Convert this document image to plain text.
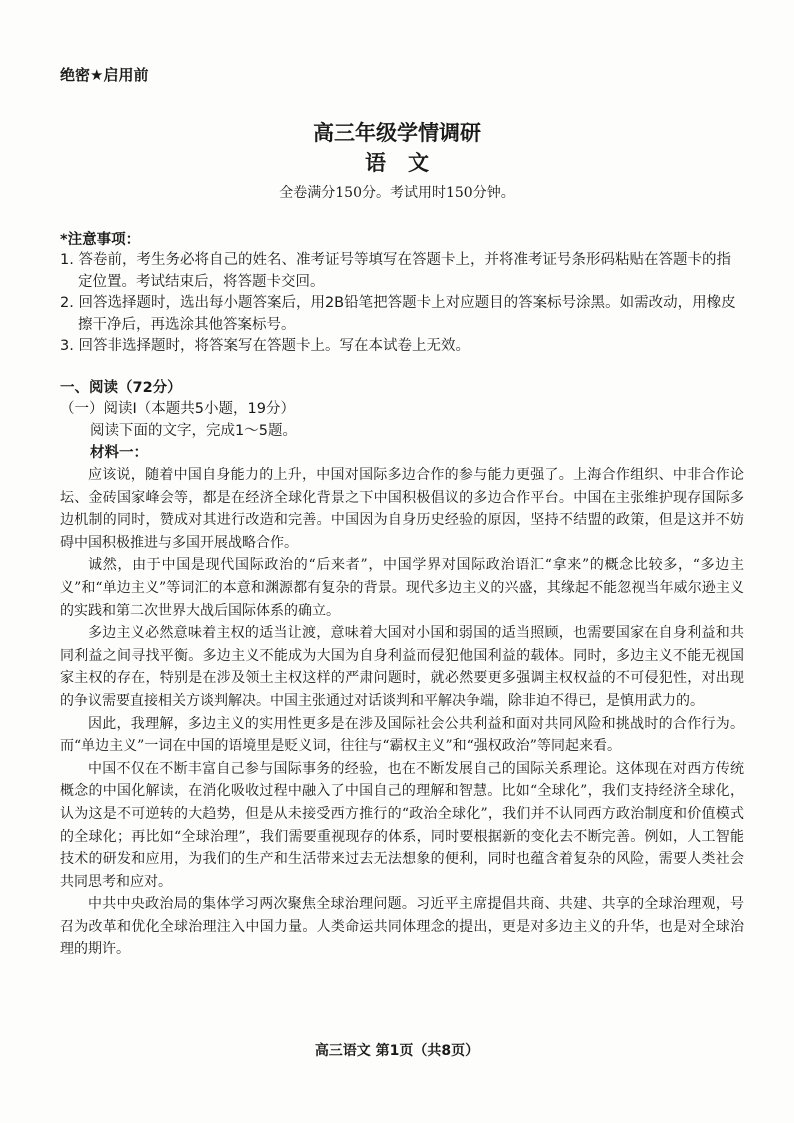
绝密★启用前
高三年级学情调研
语文
全卷满分150分。考试用时150分钟。
*注意事项：

1. 答卷前，考生务必将自己的姓名、准考证号等填写在答题卡上，并将准考证号条形码粘贴在答题卡的指定位置。考试结束后，将答题卡交回。

2. 回答选择题时，选出每小题答案后，用2B铅笔把答题卡上对应题目的答案标号涂黑。如需改动，用橡皮擦干净后，再选涂其他答案标号。

3. 回答非选择题时，将答案写在答题卡上。写在本试卷上无效。

一、阅读（72分）
（一）阅读Ⅰ（本题共5小题，19分）
阅读下面的文字，完成1～5题。
材料一：

应该说，随着中国自身能力的上升，中国对国际多边合作的参与能力更强了。上海合作组织、中非合作论坛、金砖国家峰会等，都是在经济全球化背景之下中国积极倡议的多边合作平台。中国在主张维护现存国际多边机制的同时，赞成对其进行改造和完善。中国因为自身历史经验的原因，坚持不结盟的政策，但是这并不妨碍中国积极推进与多国开展战略合作。

诚然，由于中国是现代国际政治的“后来者”，中国学界对国际政治语汇“拿来”的概念比较多，“多边主义”和“单边主义”等词汇的本意和渊源都有复杂的背景。现代多边主义的兴盛，其缘起不能忽视当年威尔逊主义的实践和第二次世界大战后国际体系的确立。

多边主义必然意味着主权的适当让渡，意味着大国对小国和弱国的适当照顾，也需要国家在自身利益和共同利益之间寻找平衡。多边主义不能成为大国为自身利益而侵犯他国利益的载体。同时，多边主义不能无视国家主权的存在，特别是在涉及领土主权这样的严肃问题时，就必然要更多强调主权权益的不可侵犯性，对出现的争议需要直接相关方谈判解决。中国主张通过对话谈判和平解决争端，除非迫不得已，是慎用武力的。

因此，我理解，多边主义的实用性更多是在涉及国际社会公共利益和面对共同风险和挑战时的合作行为。而“单边主义”一词在中国的语境里是贬义词，往往与“霸权主义”和“强权政治”等同起来看。

中国不仅在不断丰富自己参与国际事务的经验，也在不断发展自己的国际关系理论。这体现在对西方传统概念的中国化解读，在消化吸收过程中融入了中国自己的理解和智慧。比如“全球化”，我们支持经济全球化，认为这是不可逆转的大趋势，但是从未接受西方推行的“政治全球化”，我们并不认同西方政治制度和价值模式的全球化；再比如“全球治理”，我们需要重视现存的体系，同时要根据新的变化去不断完善。例如，人工智能技术的研发和应用，为我们的生产和生活带来过去无法想象的便利，同时也蕴含着复杂的风险，需要人类社会共同思考和应对。

中共中央政治局的集体学习两次聚焦全球治理问题。习近平主席提倡共商、共建、共享的全球治理观，号召为改革和优化全球治理注入中国力量。人类命运共同体理念的提出，更是对多边主义的升华，也是对全球治理的期许。

高三语文 第1页（共8页）
